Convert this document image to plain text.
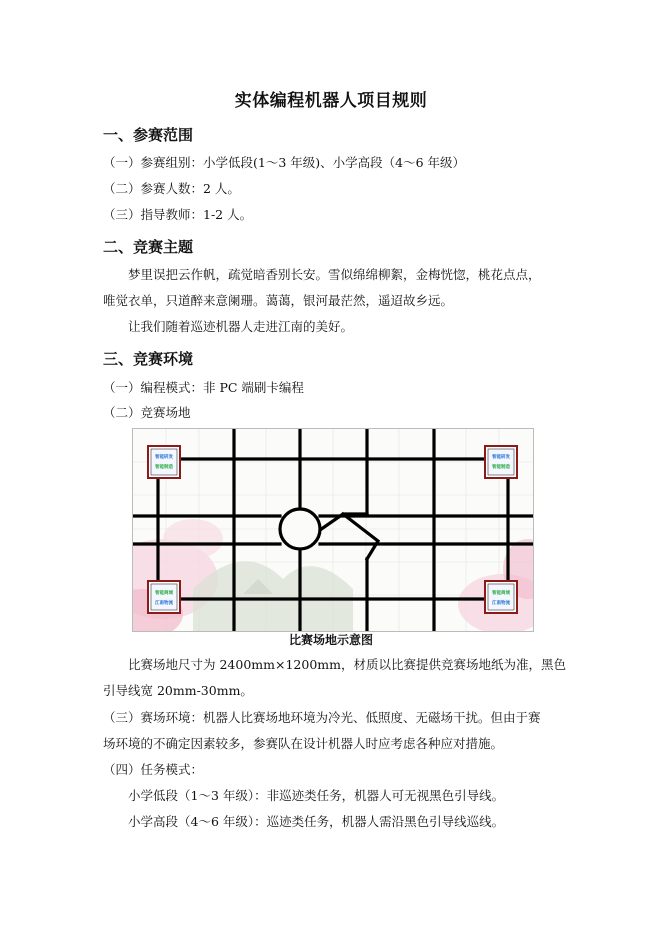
实体编程机器人项目规则
一、参赛范围
（一）参赛组别：小学低段(1～3 年级)、小学高段（4～6 年级）
（二）参赛人数：2 人。
（三）指导教师：1-2 人。
二、竞赛主题
梦里误把云作帆，疏觉暗香别长安。雪似绵绵柳絮，金梅恍惚，桃花点点，
唯觉衣单，只道醉来意阑珊。蔼蔼，银河最茫然，遥迢故乡远。
让我们随着巡迹机器人走进江南的美好。
三、竞赛环境
（一）编程模式：非 PC 端刷卡编程
（二）竞赛场地
智能研发
智能制造
智能研发
智能制造
智能商城
江南物流
智能商城
江南物流
比赛场地示意图
比赛场地尺寸为 2400mm×1200mm，材质以比赛提供竞赛场地纸为准，黑色
引导线宽 20mm-30mm。
（三）赛场环境：机器人比赛场地环境为冷光、低照度、无磁场干扰。但由于赛
场环境的不确定因素较多，参赛队在设计机器人时应考虑各种应对措施。
（四）任务模式：
小学低段（1～3 年级）：非巡迹类任务，机器人可无视黑色引导线。
小学高段（4～6 年级）：巡迹类任务，机器人需沿黑色引导线巡线。
